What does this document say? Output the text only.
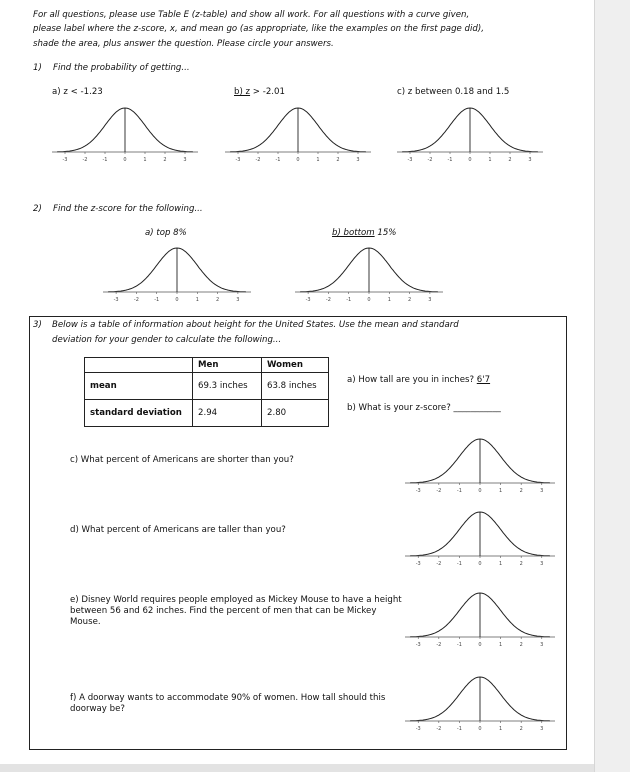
For all questions, please use Table E (z-table) and show all work. For all questions with a curve given,
please label where the z-score, x, and mean go (as appropriate, like the examples on the first page did),
shade the area, plus answer the question. Please circle your answers.
1) Find the probability of getting...
a) z < -1.23	b) z > -2.01	c) z between 0.18 and 1.5
-3	-2	-1	0	1	2	3	-3	-2	-1	0	1	2	3	-3	-2	-1	0	1	2	3
2) Find the z-score for the following...
a) top 8%	b) bottom 15%
-3	-2	-1	0	1	2	3	-3	-2	-1	0	1	2	3
3) Below is a table of information about height for the United States. Use the mean and standard
deviation for your gender to calculate the following...
	Men	Women
mean	69.3 inches	63.8 inches
standard deviation	2.94	2.80
a) How tall are you in inches? 6'7
b) What is your z-score? ___________
c) What percent of Americans are shorter than you?
d) What percent of Americans are taller than you?
e) Disney World requires people employed as Mickey Mouse to have a height between 56 and 62 inches. Find the percent of men that can be Mickey Mouse.
f) A doorway wants to accommodate 90% of women. How tall should this doorway be?
-3	-2	-1	0	1	2	3
-3	-2	-1	0	1	2	3
-3	-2	-1	0	1	2	3
-3	-2	-1	0	1	2	3
